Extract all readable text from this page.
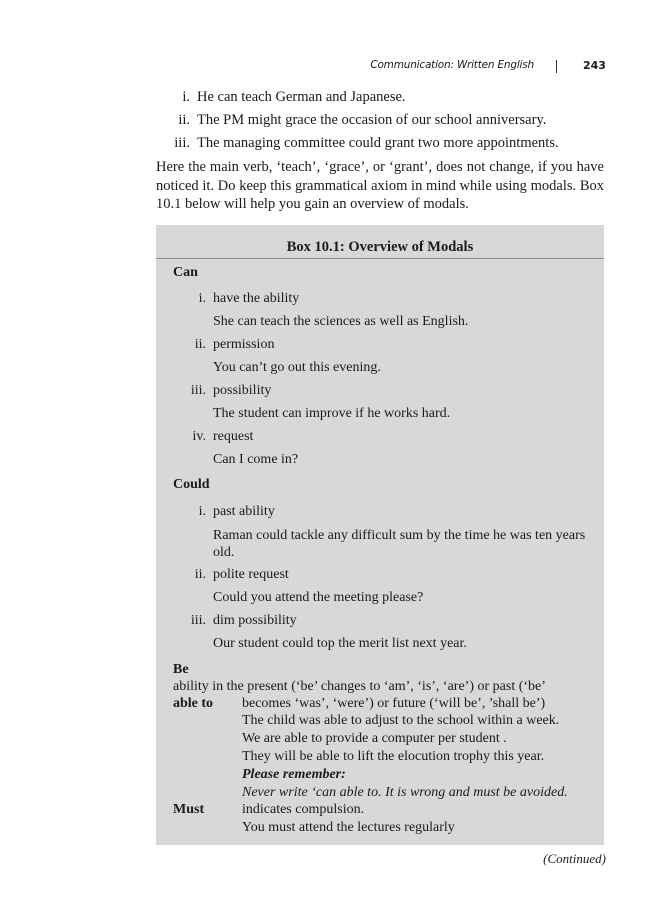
Communication: Written English	243
i. He can teach German and Japanese.
ii. The PM might grace the occasion of our school anniversary.
iii. The managing committee could grant two more appointments.
Here the main verb, ‘teach’, ‘grace’, or ‘grant’, does not change, if you have noticed it. Do keep this grammatical axiom in mind while using modals. Box 10.1 below will help you gain an overview of modals.
Box 10.1: Overview of Modals
Can
i. have the ability
She can teach the sciences as well as English.
ii. permission
You can’t go out this evening.
iii. possibility
The student can improve if he works hard.
iv. request
Can I come in?
Could
i. past ability
Raman could tackle any difficult sum by the time he was ten years old.
ii. polite request
Could you attend the meeting please?
iii. dim possibility
Our student could top the merit list next year.
Be
ability in the present (‘be’ changes to ‘am’, ‘is’, ‘are’) or past (‘be’
able to becomes ‘was’, ‘were’) or future (‘will be’, ’shall be’)
The child was able to adjust to the school within a week.
We are able to provide a computer per student .
They will be able to lift the elocution trophy this year.
Please remember:
Never write ‘can able to. It is wrong and must be avoided.
Must	indicates compulsion.
You must attend the lectures regularly
(Continued)
